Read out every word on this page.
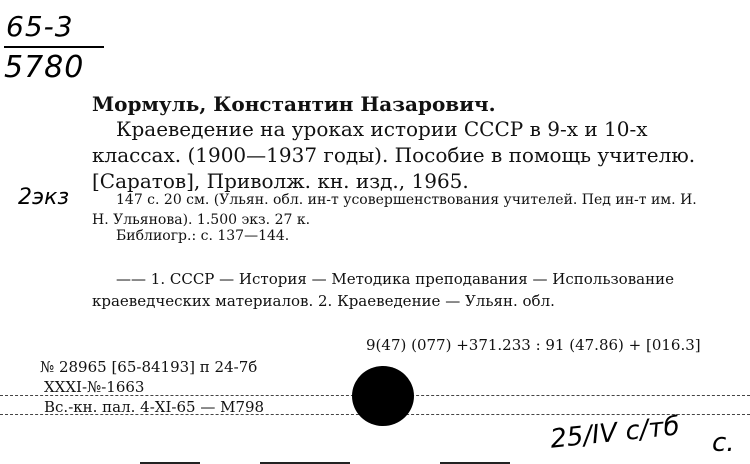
65-3
5780
2экз
Мормуль, Константин Назарович.
Краеведение на уроках истории СССР в 9-х и 10-х классах. (1900—1937 годы). Пособие в помощь учителю. [Саратов], Приволж. кн. изд., 1965.
147 с. 20 см. (Ульян. обл. ин-т усовершенствования учителей. Пед ин-т им. И. Н. Ульянова). 1.500 экз. 27 к.
Библиогр.: с. 137—144.
—— 1. СССР — История — Методика преподавания — Использование краеведческих материалов. 2. Краеведение — Ульян. обл.
9(47) (077) +371.233 : 91 (47.86) + [016.3]
№ 28965 [65-84193] п 24-7б
XXXI-№-1663
Вс.-кн. пал. 4-XI-65 — М798
25/IV с/тб с.
